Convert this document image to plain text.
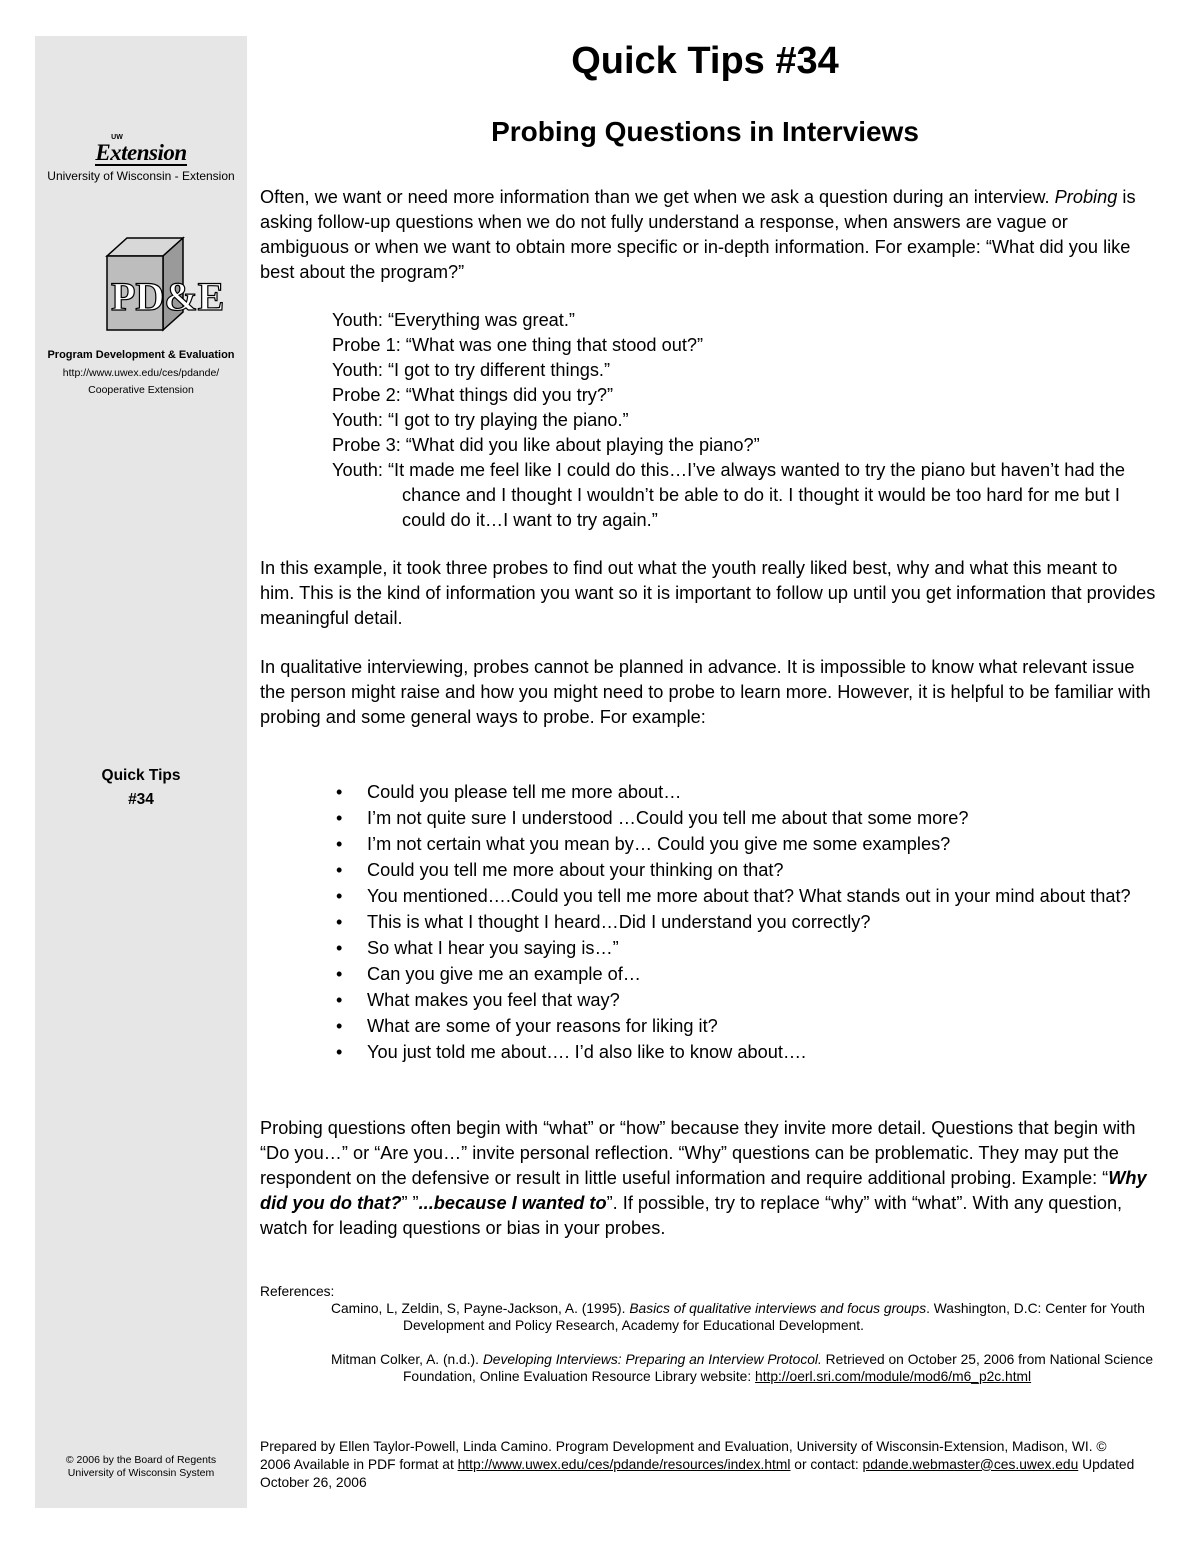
UW
Extension
University of Wisconsin - Extension
PD&E
Program Development & Evaluation
http://www.uwex.edu/ces/pdande/
Cooperative Extension
Quick Tips
#34
© 2006 by the Board of Regents
University of Wisconsin System
Quick Tips #34
Probing Questions in Interviews

Often, we want or need more information than we get when we ask a question during an interview. Probing is asking follow-up questions when we do not fully understand a response, when answers are vague or ambiguous or when we want to obtain more specific or in-depth information. For example: “What did you like best about the program?”

Youth: “Everything was great.”

Probe 1: “What was one thing that stood out?”

Youth: “I got to try different things.”

Probe 2: “What things did you try?”

Youth: “I got to try playing the piano.”

Probe 3: “What did you like about playing the piano?”

Youth: “It made me feel like I could do this…I’ve always wanted to try the piano but haven’t had the chance and I thought I wouldn’t be able to do it. I thought it would be too hard for me but I could do it…I want to try again.”

In this example, it took three probes to find out what the youth really liked best, why and what this meant to him. This is the kind of information you want so it is important to follow up until you get information that provides meaningful detail.

In qualitative interviewing, probes cannot be planned in advance. It is impossible to know what relevant issue the person might raise and how you might need to probe to learn more. However, it is helpful to be familiar with probing and some general ways to probe. For example:

• Could you please tell me more about…
• I’m not quite sure I understood …Could you tell me about that some more?
• I’m not certain what you mean by… Could you give me some examples?
• Could you tell me more about your thinking on that?
• You mentioned….Could you tell me more about that? What stands out in your mind about that?
• This is what I thought I heard…Did I understand you correctly?
• So what I hear you saying is…”
• Can you give me an example of…
• What makes you feel that way?
• What are some of your reasons for liking it?
• You just told me about…. I’d also like to know about….

Probing questions often begin with “what” or “how” because they invite more detail. Questions that begin with “Do you…” or “Are you…” invite personal reflection. “Why” questions can be problematic. They may put the respondent on the defensive or result in little useful information and require additional probing. Example: “Why did you do that?” ”...because I wanted to”. If possible, try to replace “why” with “what”. With any question, watch for leading questions or bias in your probes.

References:

Camino, L, Zeldin, S, Payne-Jackson, A. (1995). Basics of qualitative interviews and focus groups. Washington, D.C: Center for Youth Development and Policy Research, Academy for Educational Development.

Mitman Colker, A. (n.d.). Developing Interviews: Preparing an Interview Protocol. Retrieved on October 25, 2006 from National Science Foundation, Online Evaluation Resource Library website: http://oerl.sri.com/module/mod6/m6_p2c.html

Prepared by Ellen Taylor-Powell, Linda Camino. Program Development and Evaluation, University of Wisconsin-Extension, Madison, WI. © 2006 Available in PDF format at http://www.uwex.edu/ces/pdande/resources/index.html or contact: pdande.webmaster@ces.uwex.edu Updated October 26, 2006
